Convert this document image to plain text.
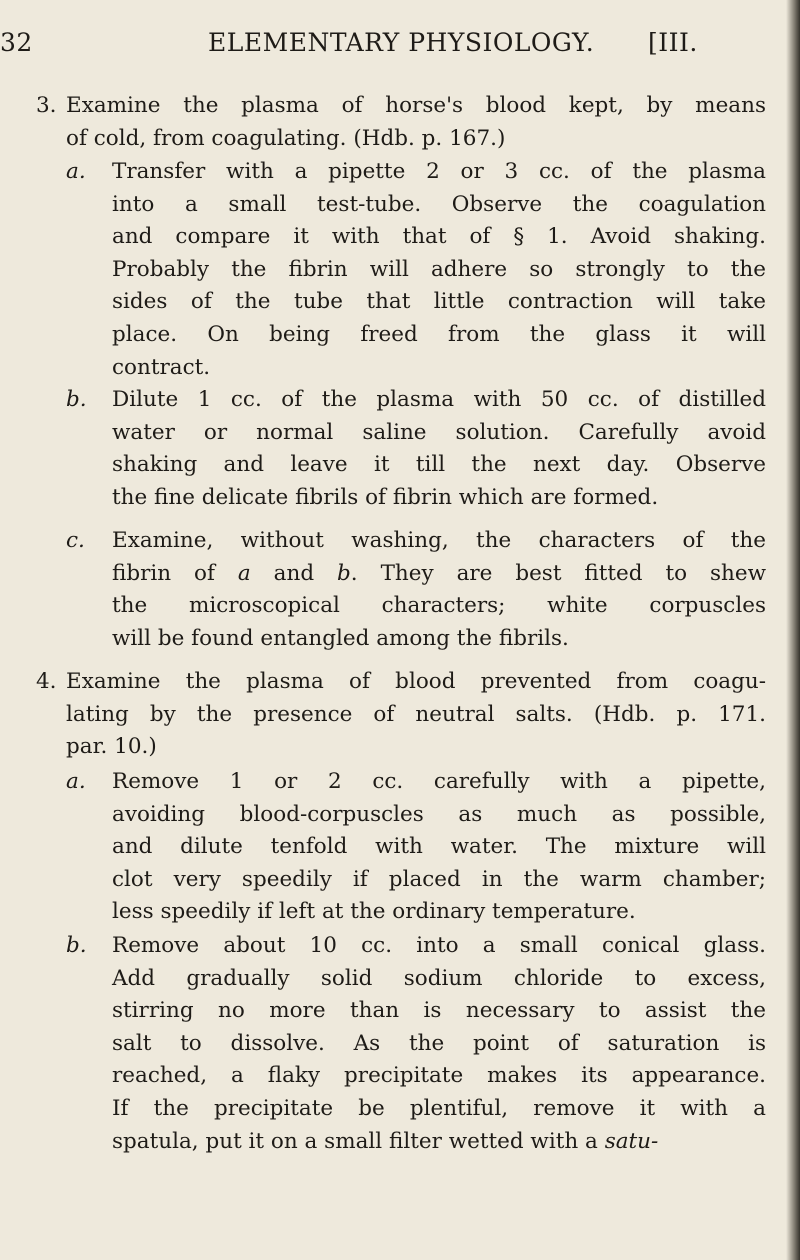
32	ELEMENTARY PHYSIOLOGY. [III.
3. Examine the plasma of horse's blood kept, by means
of cold, from coagulating. (Hdb. p. 167.)
a. Transfer with a pipette 2 or 3 cc. of the plasma
into a small test-tube. Observe the coagulation
and compare it with that of § 1. Avoid shaking.
Probably the fibrin will adhere so strongly to the
sides of the tube that little contraction will take
place. On being freed from the glass it will
contract.
b. Dilute 1 cc. of the plasma with 50 cc. of distilled
water or normal saline solution. Carefully avoid
shaking and leave it till the next day. Observe
the fine delicate fibrils of fibrin which are formed.
c. Examine, without washing, the characters of the
fibrin of a and b. They are best fitted to shew
the microscopical characters; white corpuscles
will be found entangled among the fibrils.
4. Examine the plasma of blood prevented from coagu-
lating by the presence of neutral salts. (Hdb. p. 171.
par. 10.)
a. Remove 1 or 2 cc. carefully with a pipette,
avoiding blood-corpuscles as much as possible,
and dilute tenfold with water. The mixture will
clot very speedily if placed in the warm chamber;
less speedily if left at the ordinary temperature.
b. Remove about 10 cc. into a small conical glass.
Add gradually solid sodium chloride to excess,
stirring no more than is necessary to assist the
salt to dissolve. As the point of saturation is
reached, a flaky precipitate makes its appearance.
If the precipitate be plentiful, remove it with a
spatula, put it on a small filter wetted with a satu-
